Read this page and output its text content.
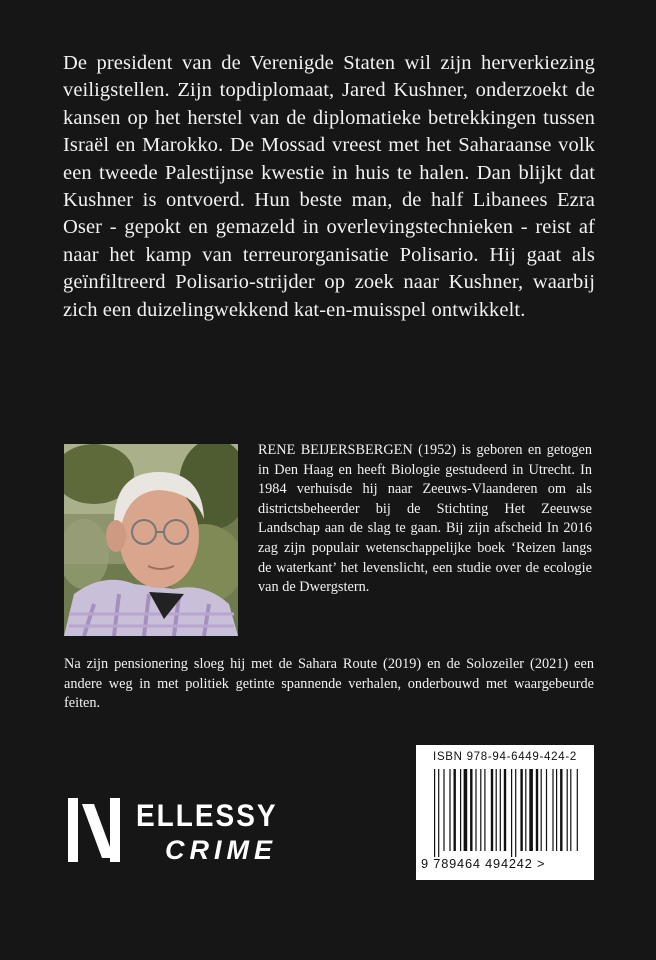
De president van de Verenigde Staten wil zijn herverkiezing veiligstellen. Zijn topdiplomaat, Jared Kushner, onderzoekt de kansen op het herstel van de diplomatieke betrekkingen tussen Israël en Marokko. De Mossad vreest met het Saharaanse volk een tweede Palestijnse kwestie in huis te halen. Dan blijkt dat Kushner is ontvoerd. Hun beste man, de half Libanees Ezra Oser - gepokt en gemazeld in overlevingstechnieken - reist af naar het kamp van terreurorganisatie Polisario. Hij gaat als geïnfiltreerd Polisario-strijder op zoek naar Kushner, waarbij zich een duizelingwekkend kat-en-muisspel ontwikkelt.

RENE BEIJERSBERGEN (1952) is geboren en getogen in Den Haag en heeft Biologie gestudeerd in Utrecht. In 1984 verhuisde hij naar Zeeuws-Vlaanderen om als districtsbeheerder bij de Stichting Het Zeeuwse Landschap aan de slag te gaan. Bij zijn afscheid In 2016 zag zijn populair wetenschappelijke boek ‘Reizen langs de waterkant’ het levenslicht, een studie over de ecologie van de Dwergstern.

Na zijn pensionering sloeg hij met de Sahara Route (2019) en de Solozeiler (2021) een andere weg in met politiek getinte spannende verhalen, onderbouwd met waargebeurde feiten.

ISBN 978-94-6449-424-2
9 789464 494242 >
ELLESSY
CRIME
